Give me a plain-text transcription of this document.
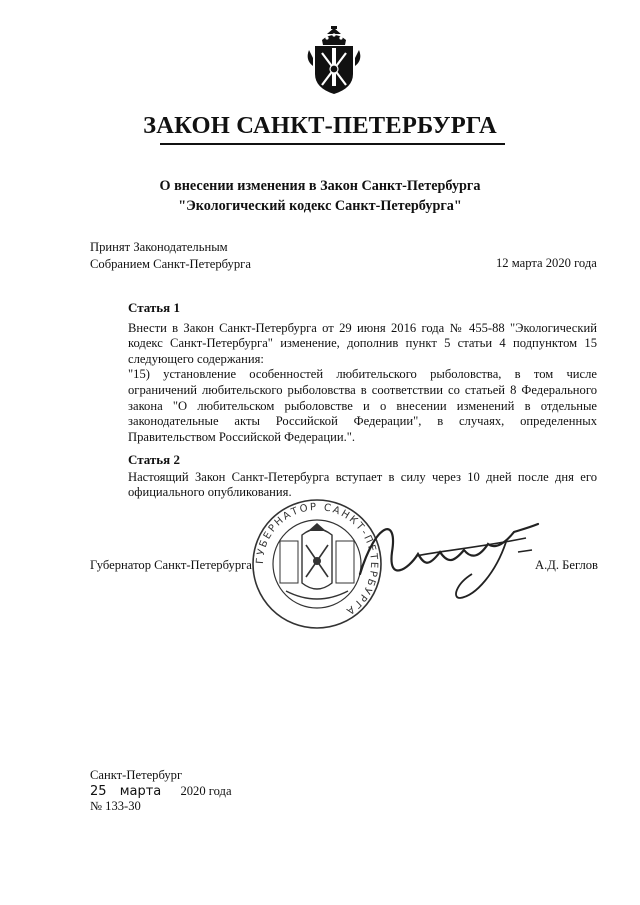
ЗАКОН САНКТ-ПЕТЕРБУРГА
О внесении изменения в Закон Санкт-Петербурга
"Экологический кодекс Санкт-Петербурга"
Принят Законодательным
Собранием Санкт-Петербурга	12 марта 2020 года
Статья 1
Внести в Закон Санкт-Петербурга от 29 июня 2016 года № 455-88 "Экологический кодекс Санкт-Петербурга" изменение, дополнив пункт 5 статьи 4 подпунктом 15 следующего содержания:
"15) установление особенностей любительского рыболовства, в том числе ограничений любительского рыболовства в соответствии со статьей 8 Федерального закона "О любительском рыболовстве и о внесении изменений в отдельные законодательные акты Российской Федерации", в случаях, определенных Правительством Российской Федерации.".
Статья 2
Настоящий Закон Санкт-Петербурга вступает в силу через 10 дней после дня его официального опубликования.
Губернатор Санкт-Петербурга	А.Д. Беглов
ГУБЕРНАТОР САНКТ-ПЕТЕРБУРГА
Санкт-Петербург
25 марта 2020 года
№ 133-30
